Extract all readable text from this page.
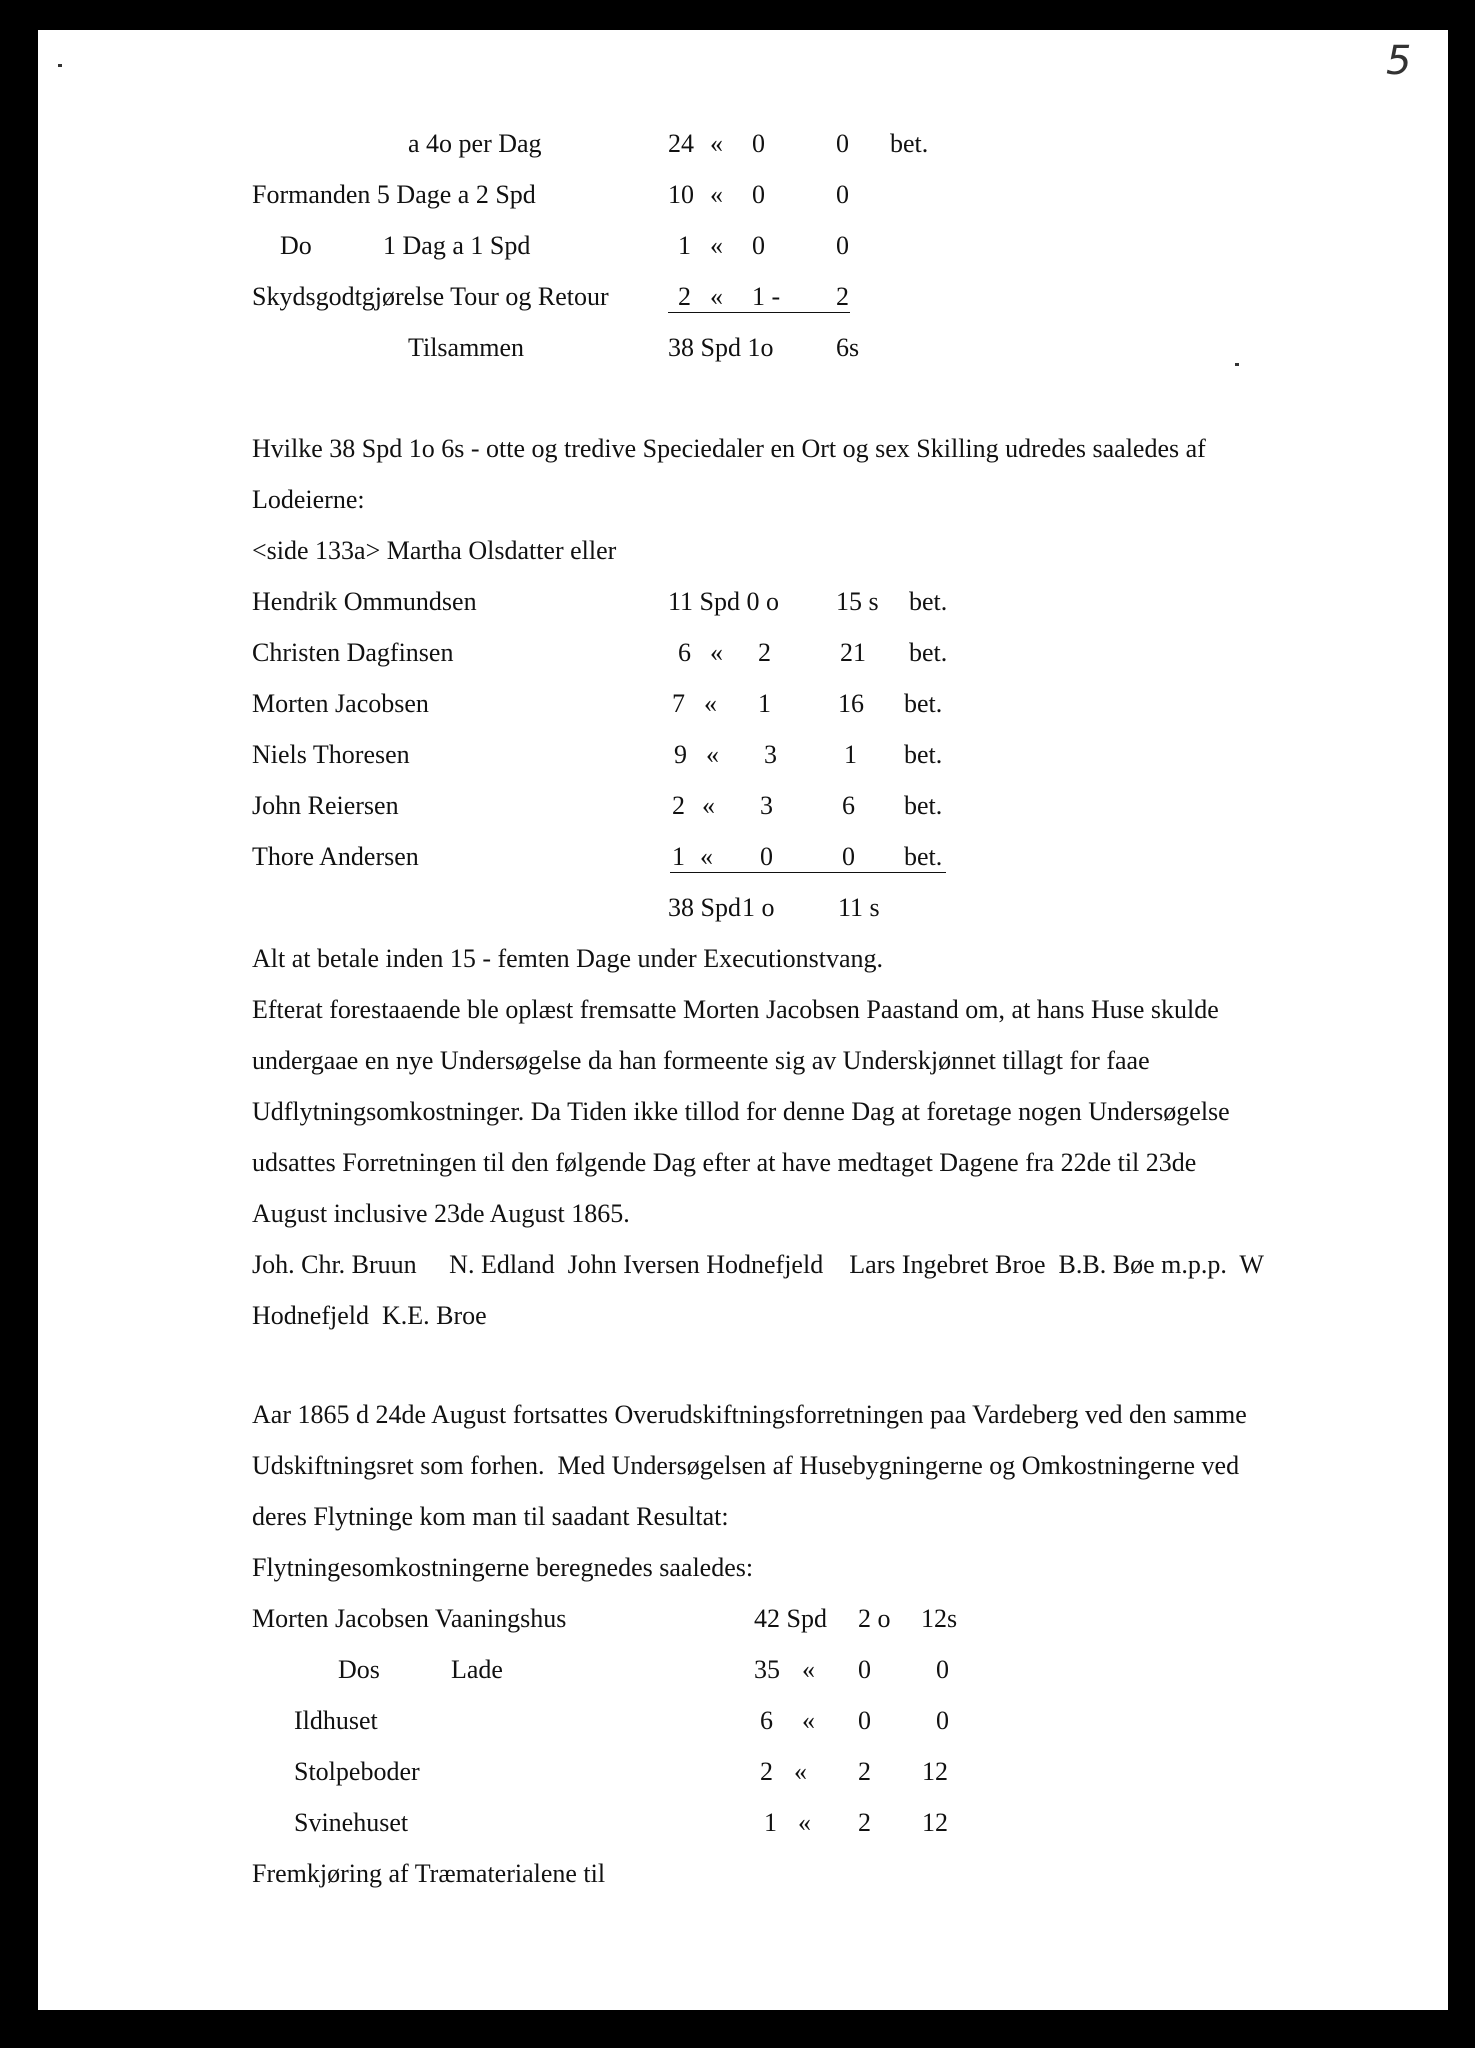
5
a 4o per Dag	24 « 0	0 bet.
Formanden 5 Dage a 2 Spd	10 « 0	0
Do	1 Dag a 1 Spd	1 « 0	0
Skydsgodtgjørelse Tour og Retour	2 « 1 - 2
Tilsammen	38 Spd 1o 6s
Hvilke 38 Spd 1o 6s - otte og tredive Speciedaler en Ort og sex Skilling udredes saaledes af
Lodeierne:
<side 133a> Martha Olsdatter eller
Hendrik Ommundsen	11 Spd 0 o 15 s bet.
Christen Dagfinsen	6 « 2	21 bet.
Morten Jacobsen	7 « 1	16 bet.
Niels Thoresen	9 « 3	1 bet.
John Reiersen	2 « 3	6 bet.
Thore Andersen	1 « 0	0 bet.
38 Spd 1 o 11 s
Alt at betale inden 15 - femten Dage under Executionstvang.
Efterat forestaaende ble oplæst fremsatte Morten Jacobsen Paastand om, at hans Huse skulde
undergaae en nye Undersøgelse da han formeente sig av Underskjønnet tillagt for faae
Udflytningsomkostninger. Da Tiden ikke tillod for denne Dag at foretage nogen Undersøgelse
udsattes Forretningen til den følgende Dag efter at have medtaget Dagene fra 22de til 23de
August inclusive 23de August 1865.
Joh. Chr. Bruun     N. Edland  John Iversen Hodnefjeld    Lars Ingebret Broe  B.B. Bøe m.p.p.  W
Hodnefjeld  K.E. Broe
Aar 1865 d 24de August fortsattes Overudskiftningsforretningen paa Vardeberg ved den samme
Udskiftningsret som forhen.  Med Undersøgelsen af Husebygningerne og Omkostningerne ved
deres Flytninge kom man til saadant Resultat:
Flytningesomkostningerne beregnedes saaledes:
Morten Jacobsen Vaaningshus	42 Spd 2 o 12s
Dos	Lade	35 « 0	0
Ildhuset	6 « 0	0
Stolpeboder	2 « 2 12
Svinehuset	1 « 2 12
Fremkjøring af Træmaterialene til
